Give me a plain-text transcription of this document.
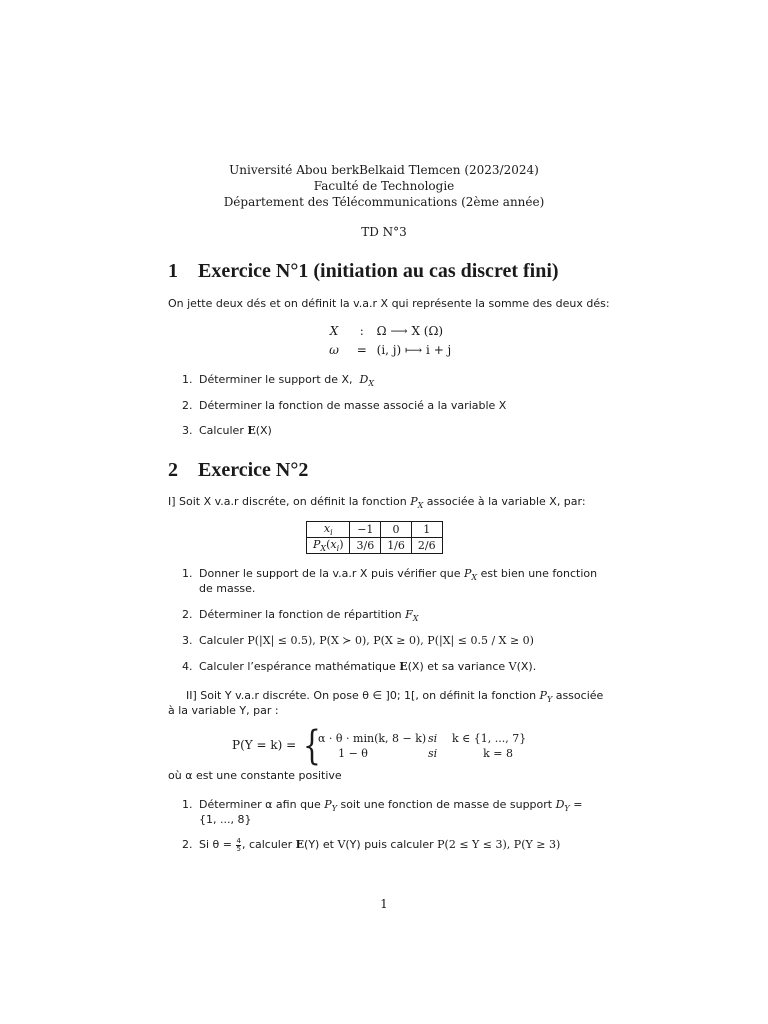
Université Abou berkBelkaid Tlemcen (2023/2024)
Faculté de Technologie
Département des Télécommunications (2ème année)
TD N°3
1 Exercice N°1 (initiation au cas discret fini)
On jette deux dés et on définit la v.a.r X qui représente la somme des deux dés:
X : Ω ⟶ X (Ω)
ω = (i, j) ⟼ i + j
1. Déterminer le support de X, $D_X$
2. Déterminer la fonction de masse associé a la variable X
3. Calculer E(X)
2 Exercice N°2
I] Soit X v.a.r discréte, on définit la fonction $P_X$ associée à la variable X, par:
$x_i$	−1	0	1
$P_X(x_i)$	3/6	1/6	2/6
1. Donner le support de la v.a.r X puis vérifier que $P_X$ est bien une fonction
de masse.
2. Déterminer la fonction de répartition $F_X$
3. Calculer P(|X| ≤ 0.5), P(X ≻ 0), P(X ≥ 0), P(|X| ≤ 0.5 / X ≥ 0)
4. Calculer l’espérance mathématique E(X) et sa variance V(X).
II] Soit Y v.a.r discréte. On pose θ ∈ ]0; 1[, on définit la fonction $P_Y$ associée
à la variable Y, par :
P(Y = k) = {
α · θ · min(k, 8 − k) si k ∈ {1, ..., 7}
1 − θ	si	k = 8
où α est une constante positive
1. Déterminer α afin que $P_Y$ soit une fonction de masse de support $D_Y$ =
{1, ..., 8}
2. Si $\theta = \frac{4}{5}$ , calculer E(Y) et V(Y) puis calculer P(2 ≤ Y ≤ 3), P(Y ≥ 3)
1
